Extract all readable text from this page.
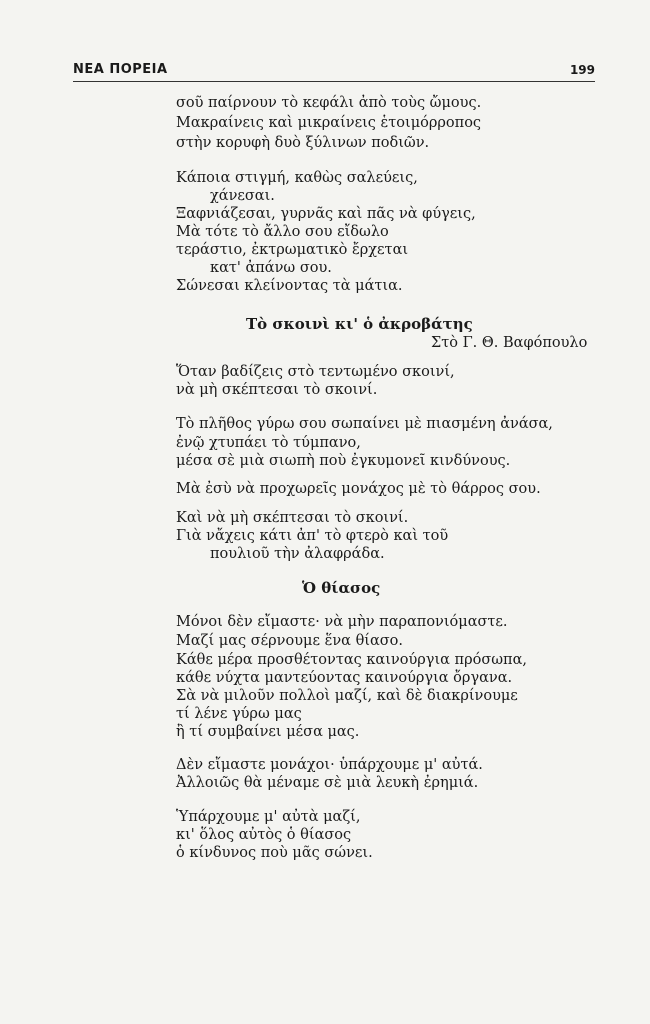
ΝΕΑ ΠΟΡΕΙΑ	199
σοῦ παίρνουν τὸ κεφάλι ἀπὸ τοὺς ὤμους.
Μακραίνεις καὶ μικραίνεις ἑτοιμόρροπος
στὴν κορυφὴ δυὸ ξύλινων ποδιῶν.
Κάποια στιγμή, καθὼς σαλεύεις,
χάνεσαι.
Ξαφνιάζεσαι, γυρνᾶς καὶ πᾶς νὰ φύγεις,
Μὰ τότε τὸ ἄλλο σου εἴδωλο
τεράστιο, ἐκτρωματικὸ ἔρχεται
κατ' ἀπάνω σου.
Σώνεσαι κλείνοντας τὰ μάτια.
Τὸ σκοινὶ κι' ὁ ἀκροβάτης
Στὸ Γ. Θ. Βαφόπουλο
Ὅταν βαδίζεις στὸ τεντωμένο σκοινί,
νὰ μὴ σκέπτεσαι τὸ σκοινί.
Τὸ πλῆθος γύρω σου σωπαίνει μὲ πιασμένη ἀνάσα,
ἐνῷ χτυπάει τὸ τύμπανο,
μέσα σὲ μιὰ σιωπὴ ποὺ ἐγκυμονεῖ κινδύνους.
Μὰ ἐσὺ νὰ προχωρεῖς μονάχος μὲ τὸ θάρρος σου.
Καὶ νὰ μὴ σκέπτεσαι τὸ σκοινί.
Γιὰ νἄχεις κάτι ἀπ' τὸ φτερὸ καὶ τοῦ
πουλιοῦ τὴν ἀλαφράδα.
Ὁ θίασος
Μόνοι δὲν εἴμαστε· νὰ μὴν παραπονιόμαστε.
Μαζί μας σέρνουμε ἕνα θίασο.
Κάθε μέρα προσθέτοντας καινούργια πρόσωπα,
κάθε νύχτα μαντεύοντας καινούργια ὄργανα.
Σὰ νὰ μιλοῦν πολλοὶ μαζί, καὶ δὲ διακρίνουμε
τί λένε γύρω μας
ἢ τί συμβαίνει μέσα μας.
Δὲν εἴμαστε μονάχοι· ὑπάρχουμε μ' αὐτά.
Ἀλλοιῶς θὰ μέναμε σὲ μιὰ λευκὴ ἐρημιά.
Ὑπάρχουμε μ' αὐτὰ μαζί,
κι' ὅλος αὐτὸς ὁ θίασος
ὁ κίνδυνος ποὺ μᾶς σώνει.
